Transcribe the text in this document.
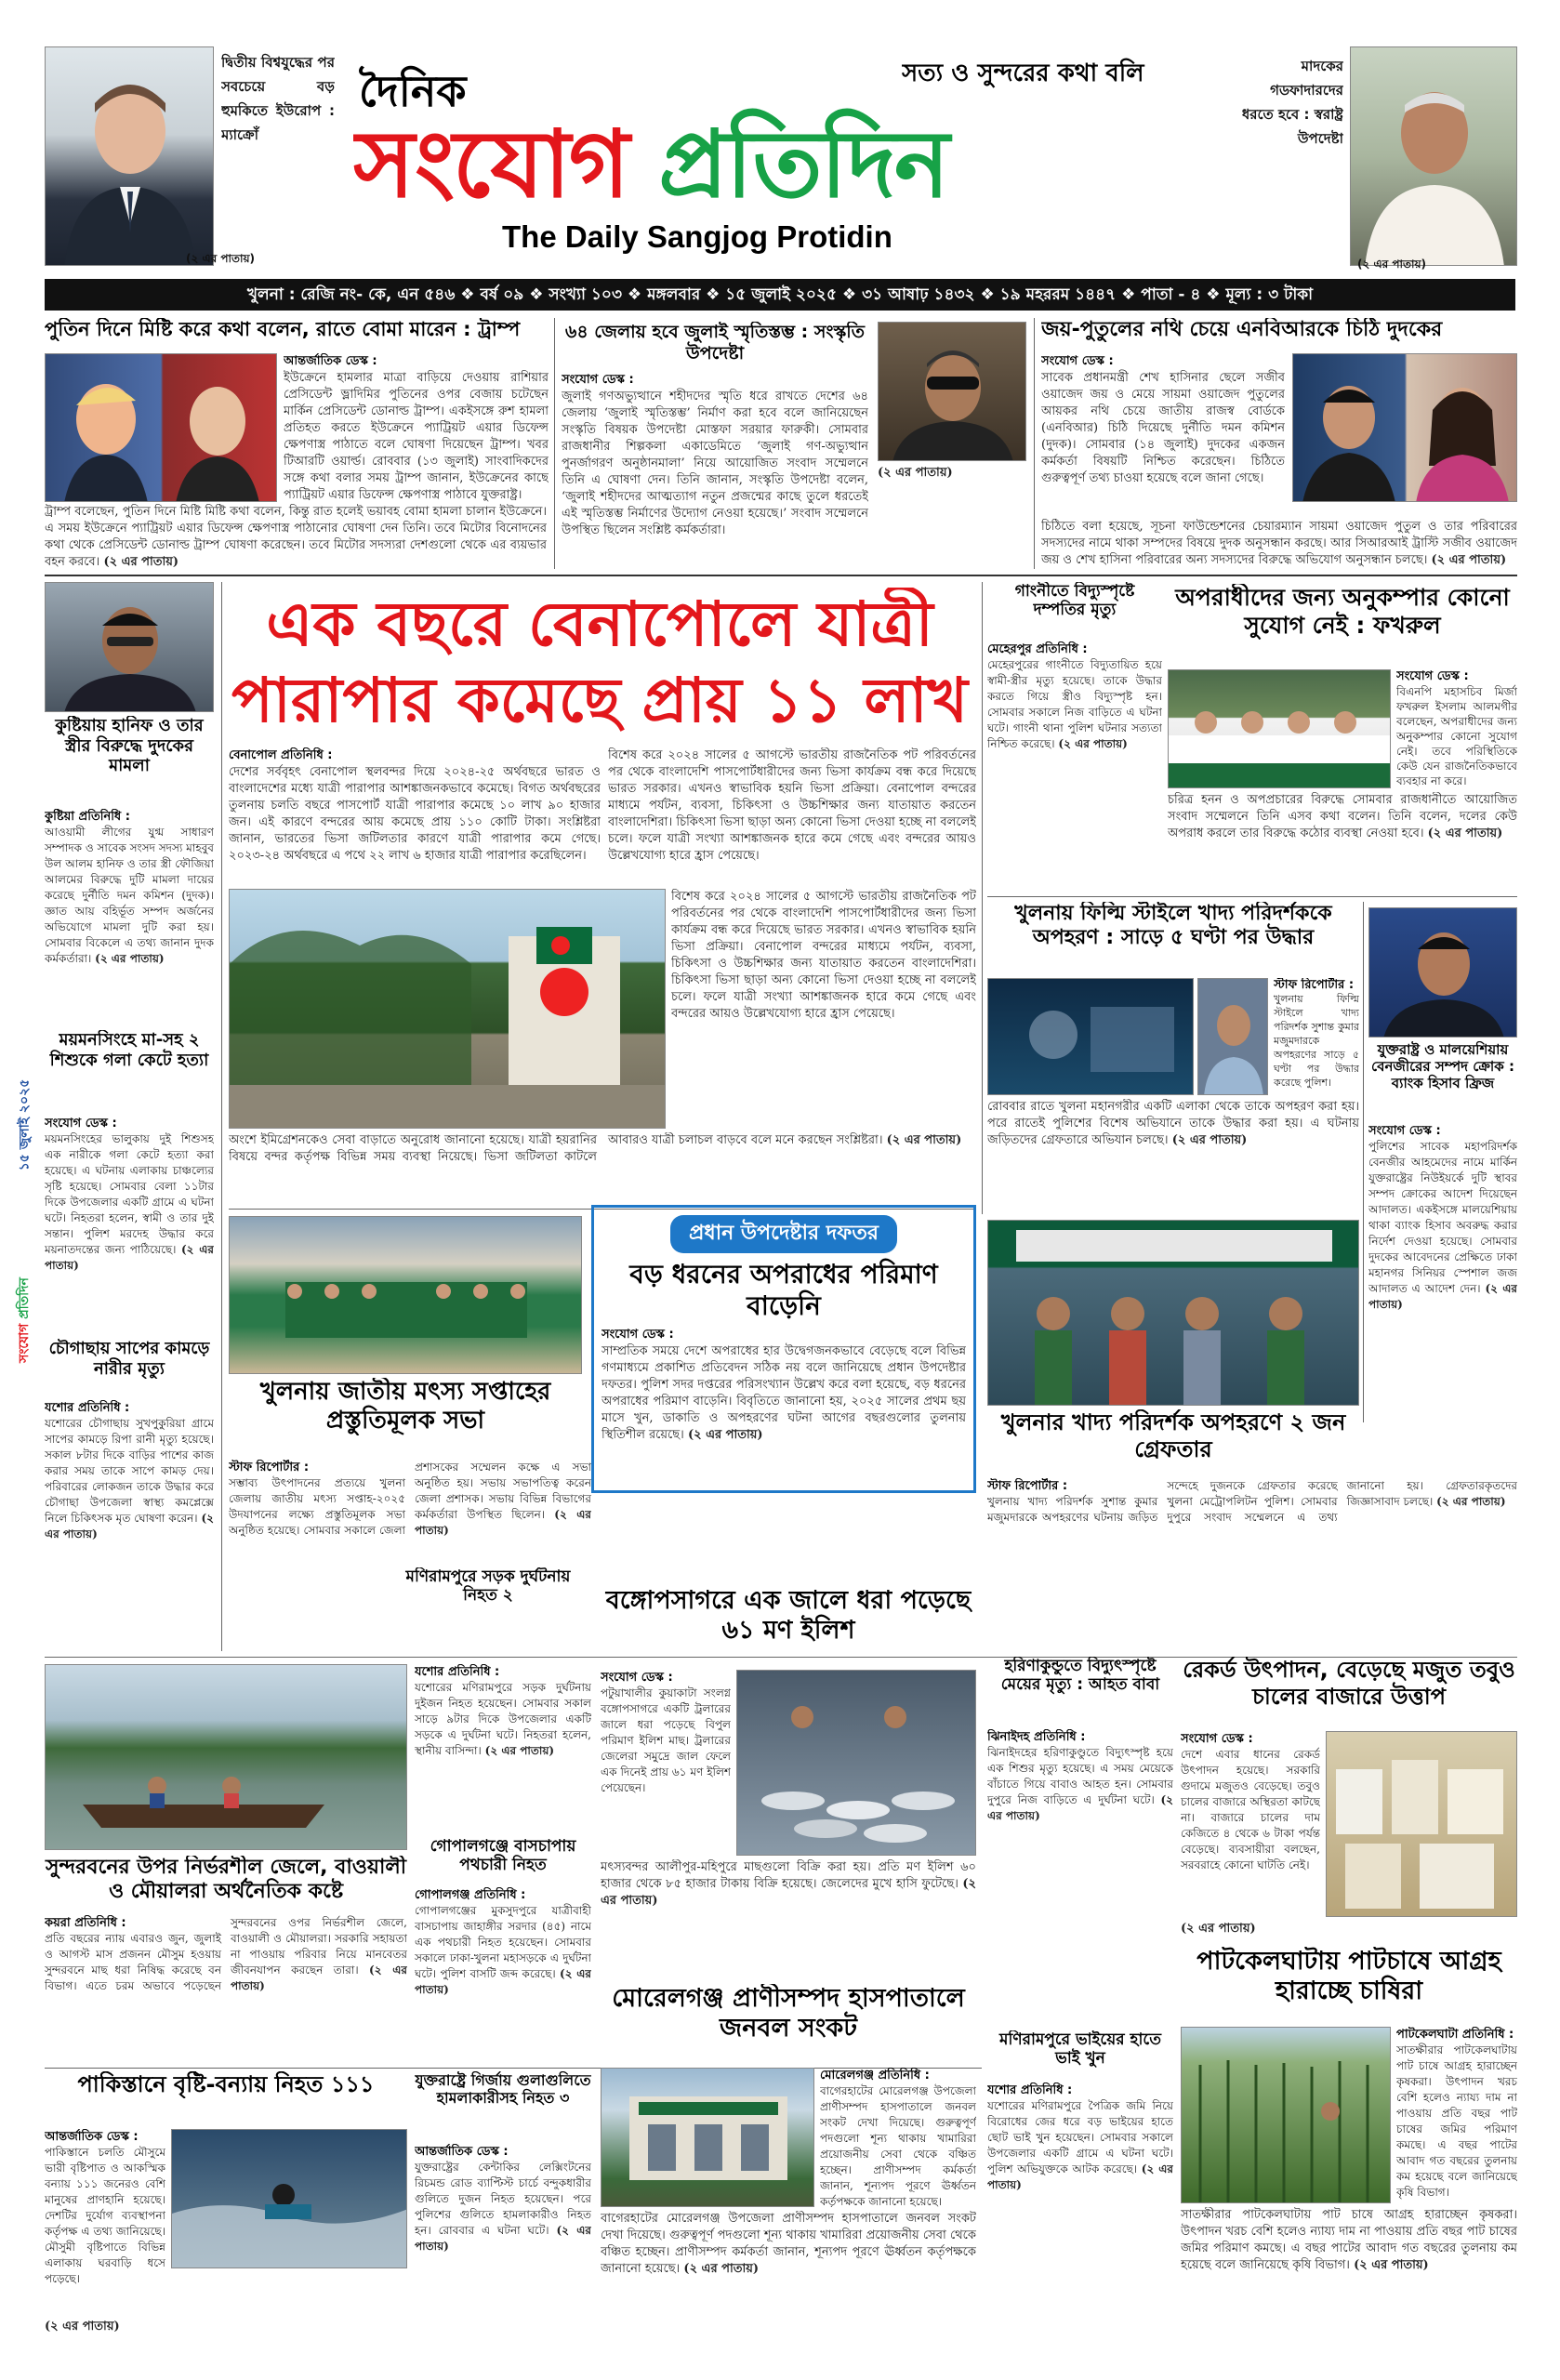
দ্বিতীয় বিশ্বযুদ্ধের পর সবচেয়ে বড় হুমকিতে ইউরোপ : ম্যাক্রোঁ
(২ এর পাতায়)
দৈনিক	সত্য ও সুন্দরের কথা বলি
সংযোগ প্রতিদিন
The Daily Sangjog Protidin
মাদকের গডফাদারদের ধরতে হবে : স্বরাষ্ট্র উপদেষ্টা
(২ এর পাতায়)
খুলনা : রেজি নং- কে, এন ৫৪৬ ❖ বর্ষ ০৯ ❖ সংখ্যা ১০৩ ❖ মঙ্গলবার ❖ ১৫ জুলাই ২০২৫ ❖ ৩১ আষাঢ় ১৪৩২ ❖ ১৯ মহররম ১৪৪৭ ❖ পাতা - ৪ ❖ মূল্য : ৩ টাকা
পুতিন দিনে মিষ্টি করে কথা বলেন, রাতে বোমা মারেন : ট্রাম্প
আন্তর্জাতিক ডেস্ক :
ইউক্রেনে হামলার মাত্রা বাড়িয়ে দেওয়ায় রাশিয়ার প্রেসিডেন্ট ভ্লাদিমির পুতিনের ওপর বেজায় চটেছেন মার্কিন প্রেসিডেন্ট ডোনাল্ড ট্রাম্প। একইসঙ্গে রুশ হামলা প্রতিহত করতে ইউক্রেনে প্যাট্রিয়ট এয়ার ডিফেন্স ক্ষেপণাস্ত্র পাঠাতে বলে ঘোষণা দিয়েছেন ট্রাম্প। খবর টিআরটি ওয়ার্ল্ড। রোববার (১৩ জুলাই) সাংবাদিকদের সঙ্গে কথা বলার সময় ট্রাম্প জানান, ইউক্রেনের কাছে প্যাট্রিয়ট এয়ার ডিফেন্স ক্ষেপণাস্ত্র পাঠাবে যুক্তরাষ্ট্র।
ট্রাম্প বলেছেন, পুতিন দিনে মিষ্টি মিষ্টি কথা বলেন, কিন্তু রাত হলেই ভয়াবহ বোমা হামলা চালান ইউক্রেনে। এ সময় ইউক্রেনে প্যাট্রিয়ট এয়ার ডিফেন্স ক্ষেপণাস্ত্র পাঠানোর ঘোষণা দেন তিনি। তবে মিটোর বিনোদনের কথা থেকে প্রেসিডেন্ট ডোনাল্ড ট্রাম্প ঘোষণা করেছেন। তবে মিটোর সদস্যরা দেশগুলো থেকে এর ব্যয়ভার বহন করবে। (২ এর পাতায়)
৬৪ জেলায় হবে জুলাই স্মৃতিস্তম্ভ : সংস্কৃতি উপদেষ্টা
সংযোগ ডেস্ক :
জুলাই গণঅভ্যুত্থানে শহীদদের স্মৃতি ধরে রাখতে দেশের ৬৪ জেলায় ‘জুলাই স্মৃতিস্তম্ভ’ নির্মাণ করা হবে বলে জানিয়েছেন সংস্কৃতি বিষয়ক উপদেষ্টা মোস্তফা সরয়ার ফারুকী। সোমবার রাজধানীর শিল্পকলা একাডেমিতে ‘জুলাই গণ-অভ্যুত্থান পুনর্জাগরণ অনুষ্ঠানমালা’ নিয়ে আয়োজিত সংবাদ সম্মেলনে তিনি এ ঘোষণা দেন। তিনি জানান, সংস্কৃতি উপদেষ্টা বলেন, ‘জুলাই শহীদদের আত্মত্যাগ নতুন প্রজন্মের কাছে তুলে ধরতেই এই স্মৃতিস্তম্ভ নির্মাণের উদ্যোগ নেওয়া হয়েছে।’ সংবাদ সম্মেলনে উপস্থিত ছিলেন সংশ্লিষ্ট কর্মকর্তারা।
(২ এর পাতায়)
জয়-পুতুলের নথি চেয়ে এনবিআরকে চিঠি দুদকের
সংযোগ ডেস্ক :
সাবেক প্রধানমন্ত্রী শেখ হাসিনার ছেলে সজীব ওয়াজেদ জয় ও মেয়ে সায়মা ওয়াজেদ পুতুলের আয়কর নথি চেয়ে জাতীয় রাজস্ব বোর্ডকে (এনবিআর) চিঠি দিয়েছে দুর্নীতি দমন কমিশন (দুদক)। সোমবার (১৪ জুলাই) দুদকের একজন কর্মকর্তা বিষয়টি নিশ্চিত করেছেন। চিঠিতে গুরুত্বপূর্ণ তথ্য চাওয়া হয়েছে বলে জানা গেছে।
চিঠিতে বলা হয়েছে, সূচনা ফাউন্ডেশনের চেয়ারম্যান সায়মা ওয়াজেদ পুতুল ও তার পরিবারের সদস্যদের নামে থাকা সম্পদের বিষয়ে দুদক অনুসন্ধান করছে। আর সিআরআই ট্রাস্টি সজীব ওয়াজেদ জয় ও শেখ হাসিনা পরিবারের অন্য সদস্যদের বিরুদ্ধে অভিযোগ অনুসন্ধান চলছে। (২ এর পাতায়)
কুষ্টিয়ায় হানিফ ও তার স্ত্রীর বিরুদ্ধে দুদকের মামলা
কুষ্টিয়া প্রতিনিধি :
আওয়ামী লীগের যুগ্ম সাধারণ সম্পাদক ও সাবেক সংসদ সদস্য মাহবুব উল আলম হানিফ ও তার স্ত্রী ফৌজিয়া আলমের বিরুদ্ধে দুটি মামলা দায়ের করেছে দুর্নীতি দমন কমিশন (দুদক)। জ্ঞাত আয় বহির্ভূত সম্পদ অর্জনের অভিযোগে মামলা দুটি করা হয়। সোমবার বিকেলে এ তথ্য জানান দুদক কর্মকর্তারা। (২ এর পাতায়)
১৫ জুলাই ২০২৫
সংযোগ প্রতিদিন
ময়মনসিংহে মা-সহ ২ শিশুকে গলা কেটে হত্যা
সংযোগ ডেস্ক :
ময়মনসিংহের ভালুকায় দুই শিশুসহ এক নারীকে গলা কেটে হত্যা করা হয়েছে। এ ঘটনায় এলাকায় চাঞ্চল্যের সৃষ্টি হয়েছে। সোমবার বেলা ১১টার দিকে উপজেলার একটি গ্রামে এ ঘটনা ঘটে। নিহতরা হলেন, স্বামী ও তার দুই সন্তান। পুলিশ মরদেহ উদ্ধার করে ময়নাতদন্তের জন্য পাঠিয়েছে। (২ এর পাতায়)
চৌগাছায় সাপের কামড়ে নারীর মৃত্যু
যশোর প্রতিনিধি :
যশোরের চৌগাছায় সুখপুকুরিয়া গ্রামে সাপের কামড়ে রিপা রানী মৃত্যু হয়েছে। সকাল ৮টার দিকে বাড়ির পাশের কাজ করার সময় তাকে সাপে কামড় দেয়। পরিবারের লোকজন তাকে উদ্ধার করে চৌগাছা উপজেলা স্বাস্থ্য কমপ্লেক্সে নিলে চিকিৎসক মৃত ঘোষণা করেন। (২ এর পাতায়)
এক বছরে বেনাপোলে যাত্রী
পারাপার কমেছে প্রায় ১১ লাখ
বেনাপোল প্রতিনিধি :
দেশের সর্ববৃহৎ বেনাপোল স্থলবন্দর দিয়ে ২০২৪-২৫ অর্থবছরে ভারত ও বাংলাদেশের মধ্যে যাত্রী পারাপার আশঙ্কাজনকভাবে কমেছে। বিগত অর্থবছরের তুলনায় চলতি বছরে পাসপোর্ট যাত্রী পারাপার কমেছে ১০ লাখ ৯০ হাজার জন। এই কারণে বন্দরের আয় কমেছে প্রায় ১১০ কোটি টাকা। সংশ্লিষ্টরা জানান, ভারতের ভিসা জটিলতার কারণে যাত্রী পারাপার কমে গেছে। ২০২৩-২৪ অর্থবছরে এ পথে ২২ লাখ ৬ হাজার যাত্রী পারাপার করেছিলেন।
বিশেষ করে ২০২৪ সালের ৫ আগস্টে ভারতীয় রাজনৈতিক পট পরিবর্তনের পর থেকে বাংলাদেশি পাসপোর্টধারীদের জন্য ভিসা কার্যক্রম বন্ধ করে দিয়েছে ভারত সরকার। এখনও স্বাভাবিক হয়নি ভিসা প্রক্রিয়া। বেনাপোল বন্দরের মাধ্যমে পর্যটন, ব্যবসা, চিকিৎসা ও উচ্চশিক্ষার জন্য যাতায়াত করতেন বাংলাদেশিরা। চিকিৎসা ভিসা ছাড়া অন্য কোনো ভিসা দেওয়া হচ্ছে না বললেই চলে। ফলে যাত্রী সংখ্যা আশঙ্কাজনক হারে কমে গেছে এবং বন্দরের আয়ও উল্লেখযোগ্য হারে হ্রাস পেয়েছে।
বিশেষ করে ২০২৪ সালের ৫ আগস্টে ভারতীয় রাজনৈতিক পট পরিবর্তনের পর থেকে বাংলাদেশি পাসপোর্টধারীদের জন্য ভিসা কার্যক্রম বন্ধ করে দিয়েছে ভারত সরকার। এখনও স্বাভাবিক হয়নি ভিসা প্রক্রিয়া। বেনাপোল বন্দরের মাধ্যমে পর্যটন, ব্যবসা, চিকিৎসা ও উচ্চশিক্ষার জন্য যাতায়াত করতেন বাংলাদেশিরা। চিকিৎসা ভিসা ছাড়া অন্য কোনো ভিসা দেওয়া হচ্ছে না বললেই চলে। ফলে যাত্রী সংখ্যা আশঙ্কাজনক হারে কমে গেছে এবং বন্দরের আয়ও উল্লেখযোগ্য হারে হ্রাস পেয়েছে।
অংশে ইমিগ্রেশনকেও সেবা বাড়াতে অনুরোধ জানানো হয়েছে। যাত্রী হয়রানির বিষয়ে বন্দর কর্তৃপক্ষ বিভিন্ন সময় ব্যবস্থা নিয়েছে। ভিসা জটিলতা কাটলে আবারও যাত্রী চলাচল বাড়বে বলে মনে করছেন সংশ্লিষ্টরা। (২ এর পাতায়)
গাংনীতে বিদ্যুস্পৃষ্টে দম্পতির মৃত্যু
মেহেরপুর প্রতিনিধি :
মেহেরপুরের গাংনীতে বিদ্যুতায়িত হয়ে স্বামী-স্ত্রীর মৃত্যু হয়েছে। তাকে উদ্ধার করতে গিয়ে স্ত্রীও বিদ্যুস্পৃষ্ট হন। সোমবার সকালে নিজ বাড়িতে এ ঘটনা ঘটে। গাংনী থানা পুলিশ ঘটনার সত্যতা নিশ্চিত করেছে। (২ এর পাতায়)
অপরাধীদের জন্য অনুকম্পার কোনো সুযোগ নেই : ফখরুল
সংযোগ ডেস্ক :
বিএনপি মহাসচিব মির্জা ফখরুল ইসলাম আলমগীর বলেছেন, অপরাধীদের জন্য অনুকম্পার কোনো সুযোগ নেই। তবে পরিস্থিতিকে কেউ যেন রাজনৈতিকভাবে ব্যবহার না করে।
চরিত্র হনন ও অপপ্রচারের বিরুদ্ধে সোমবার রাজধানীতে আয়োজিত সংবাদ সম্মেলনে তিনি এসব কথা বলেন। তিনি বলেন, দলের কেউ অপরাধ করলে তার বিরুদ্ধে কঠোর ব্যবস্থা নেওয়া হবে। (২ এর পাতায়)
খুলনায় ফিল্মি স্টাইলে খাদ্য পরিদর্শককে অপহরণ : সাড়ে ৫ ঘণ্টা পর উদ্ধার
স্টাফ রিপোর্টার :
খুলনায় ফিল্মি স্টাইলে খাদ্য পরিদর্শক সুশান্ত কুমার মজুমদারকে অপহরণের সাড়ে ৫ ঘণ্টা পর উদ্ধার করেছে পুলিশ।
রোববার রাতে খুলনা মহানগরীর একটি এলাকা থেকে তাকে অপহরণ করা হয়। পরে রাতেই পুলিশের বিশেষ অভিযানে তাকে উদ্ধার করা হয়। এ ঘটনায় জড়িতদের গ্রেফতারে অভিযান চলছে। (২ এর পাতায়)
যুক্তরাষ্ট্র ও মালয়েশিয়ায় বেনজীরের সম্পদ ক্রোক : ব্যাংক হিসাব ফ্রিজ
সংযোগ ডেস্ক :
পুলিশের সাবেক মহাপরিদর্শক বেনজীর আহমেদের নামে মার্কিন যুক্তরাষ্ট্রের নিউইয়র্কে দুটি স্থাবর সম্পদ ক্রোকের আদেশ দিয়েছেন আদালত। একইসঙ্গে মালয়েশিয়ায় থাকা ব্যাংক হিসাব অবরুদ্ধ করার নির্দেশ দেওয়া হয়েছে। সোমবার দুদকের আবেদনের প্রেক্ষিতে ঢাকা মহানগর সিনিয়র স্পেশাল জজ আদালত এ আদেশ দেন। (২ এর পাতায়)
খুলনায় জাতীয় মৎস্য সপ্তাহের প্রস্তুতিমূলক সভা
স্টাফ রিপোর্টার :
সম্ভাব্য উৎপাদনের প্রত্যয়ে খুলনা জেলায় জাতীয় মৎস্য সপ্তাহ-২০২৫ উদযাপনের লক্ষ্যে প্রস্তুতিমূলক সভা অনুষ্ঠিত হয়েছে। সোমবার সকালে জেলা প্রশাসকের সম্মেলন কক্ষে এ সভা অনুষ্ঠিত হয়। সভায় সভাপতিত্ব করেন জেলা প্রশাসক। সভায় বিভিন্ন বিভাগের কর্মকর্তারা উপস্থিত ছিলেন। (২ এর পাতায়)
প্রধান উপদেষ্টার দফতর
বড় ধরনের অপরাধের পরিমাণ বাড়েনি
সংযোগ ডেস্ক :
সাম্প্রতিক সময়ে দেশে অপরাধের হার উদ্বেগজনকভাবে বেড়েছে বলে বিভিন্ন গণমাধ্যমে প্রকাশিত প্রতিবেদন সঠিক নয় বলে জানিয়েছে প্রধান উপদেষ্টার দফতর। পুলিশ সদর দপ্তরের পরিসংখ্যান উল্লেখ করে বলা হয়েছে, বড় ধরনের অপরাধের পরিমাণ বাড়েনি। বিবৃতিতে জানানো হয়, ২০২৫ সালের প্রথম ছয় মাসে খুন, ডাকাতি ও অপহরণের ঘটনা আগের বছরগুলোর তুলনায় স্থিতিশীল রয়েছে। (২ এর পাতায়)	খুলনার খাদ্য পরিদর্শক অপহরণে ২ জন গ্রেফতার
স্টাফ রিপোর্টার :
খুলনায় খাদ্য পরিদর্শক সুশান্ত কুমার মজুমদারকে অপহরণের ঘটনায় জড়িত সন্দেহে দুজনকে গ্রেফতার করেছে খুলনা মেট্রোপলিটন পুলিশ। সোমবার দুপুরে সংবাদ সম্মেলনে এ তথ্য জানানো হয়। গ্রেফতারকৃতদের জিজ্ঞাসাবাদ চলছে। (২ এর পাতায়)
মণিরামপুরে সড়ক দুর্ঘটনায় নিহত ২
সুন্দরবনের উপর নির্ভরশীল জেলে, বাওয়ালী ও মৌয়ালরা অর্থনৈতিক কষ্টে
কয়রা প্রতিনিধি :
প্রতি বছরের ন্যায় এবারও জুন, জুলাই ও আগস্ট মাস প্রজনন মৌসুম হওয়ায় সুন্দরবনে মাছ ধরা নিষিদ্ধ করেছে বন বিভাগ। এতে চরম অভাবে পড়েছেন সুন্দরবনের ওপর নির্ভরশীল জেলে, বাওয়ালী ও মৌয়ালরা। সরকারি সহায়তা না পাওয়ায় পরিবার নিয়ে মানবেতর জীবনযাপন করছেন তারা। (২ এর পাতায়)
যশোর প্রতিনিধি :
যশোরের মণিরামপুরে সড়ক দুর্ঘটনায় দুইজন নিহত হয়েছেন। সোমবার সকাল সাড়ে ৯টার দিকে উপজেলার একটি সড়কে এ দুর্ঘটনা ঘটে। নিহতরা হলেন, স্থানীয় বাসিন্দা। (২ এর পাতায়)
গোপালগঞ্জে বাসচাপায় পথচারী নিহত
গোপালগঞ্জ প্রতিনিধি :
গোপালগঞ্জের মুকসুদপুরে যাত্রীবাহী বাসচাপায় জাহাঙ্গীর সরদার (৪৫) নামে এক পথচারী নিহত হয়েছেন। সোমবার সকালে ঢাকা-খুলনা মহাসড়কে এ দুর্ঘটনা ঘটে। পুলিশ বাসটি জব্দ করেছে। (২ এর পাতায়)
বঙ্গোপসাগরে এক জালে ধরা পড়েছে ৬১ মণ ইলিশ
সংযোগ ডেস্ক :
পটুয়াখালীর কুয়াকাটা সংলগ্ন বঙ্গোপসাগরে একটি ট্রলারের জালে ধরা পড়েছে বিপুল পরিমাণ ইলিশ মাছ। ট্রলারের জেলেরা সমুদ্রে জাল ফেলে এক দিনেই প্রায় ৬১ মণ ইলিশ পেয়েছেন।
মৎস্যবন্দর আলীপুর-মহিপুরে মাছগুলো বিক্রি করা হয়। প্রতি মণ ইলিশ ৬০ হাজার থেকে ৮৫ হাজার টাকায় বিক্রি হয়েছে। জেলেদের মুখে হাসি ফুটেছে। (২ এর পাতায়)
হরিণাকুন্ডুতে বিদ্যুৎস্পৃষ্টে মেয়ের মৃত্যু : আহত বাবা
ঝিনাইদহ প্রতিনিধি :
ঝিনাইদহের হরিণাকুণ্ডুতে বিদ্যুৎস্পৃষ্ট হয়ে এক শিশুর মৃত্যু হয়েছে। এ সময় মেয়েকে বাঁচাতে গিয়ে বাবাও আহত হন। সোমবার দুপুরে নিজ বাড়িতে এ দুর্ঘটনা ঘটে। (২ এর পাতায়)
রেকর্ড উৎপাদন, বেড়েছে মজুত তবুও চালের বাজারে উত্তাপ
সংযোগ ডেস্ক :
দেশে এবার ধানের রেকর্ড উৎপাদন হয়েছে। সরকারি গুদামে মজুতও বেড়েছে। তবুও চালের বাজারে অস্থিরতা কাটছে না। বাজারে চালের দাম কেজিতে ৪ থেকে ৬ টাকা পর্যন্ত বেড়েছে। ব্যবসায়ীরা বলছেন, সরবরাহে কোনো ঘাটতি নেই।
(২ এর পাতায়)
মণিরামপুরে ভাইয়ের হাতে ভাই খুন
যশোর প্রতিনিধি :
যশোরের মণিরামপুরে পৈত্রিক জমি নিয়ে বিরোধের জের ধরে বড় ভাইয়ের হাতে ছোট ভাই খুন হয়েছেন। সোমবার সকালে উপজেলার একটি গ্রামে এ ঘটনা ঘটে। পুলিশ অভিযুক্তকে আটক করেছে। (২ এর পাতায়)
পাটকেলঘাটায় পাটচাষে আগ্রহ হারাচ্ছে চাষিরা
পাটকেলঘাটা প্রতিনিধি :
সাতক্ষীরার পাটকেলঘাটায় পাট চাষে আগ্রহ হারাচ্ছেন কৃষকরা। উৎপাদন খরচ বেশি হলেও ন্যায্য দাম না পাওয়ায় প্রতি বছর পাট চাষের জমির পরিমাণ কমছে। এ বছর পাটের আবাদ গত বছরের তুলনায় কম হয়েছে বলে জানিয়েছে কৃষি বিভাগ।
সাতক্ষীরার পাটকেলঘাটায় পাট চাষে আগ্রহ হারাচ্ছেন কৃষকরা। উৎপাদন খরচ বেশি হলেও ন্যায্য দাম না পাওয়ায় প্রতি বছর পাট চাষের জমির পরিমাণ কমছে। এ বছর পাটের আবাদ গত বছরের তুলনায় কম হয়েছে বলে জানিয়েছে কৃষি বিভাগ। (২ এর পাতায়)
পাকিস্তানে বৃষ্টি-বন্যায় নিহত ১১১
আন্তর্জাতিক ডেস্ক :
পাকিস্তানে চলতি মৌসুমে ভারী বৃষ্টিপাত ও আকস্মিক বন্যায় ১১১ জনেরও বেশি মানুষের প্রাণহানি হয়েছে। দেশটির দুর্যোগ ব্যবস্থাপনা কর্তৃপক্ষ এ তথ্য জানিয়েছে। মৌসুমী বৃষ্টিপাতে বিভিন্ন এলাকায় ঘরবাড়ি ধসে পড়েছে।
(২ এর পাতায়)
যুক্তরাষ্ট্রে গির্জায় গুলাগুলিতে হামলাকারীসহ নিহত ৩
আন্তর্জাতিক ডেস্ক :
যুক্তরাষ্ট্রের কেন্টাকির লেক্সিংটনের রিচমন্ড রোড ব্যাপ্টিস্ট চার্চে বন্দুকধারীর গুলিতে দুজন নিহত হয়েছেন। পরে পুলিশের গুলিতে হামলাকারীও নিহত হন। রোববার এ ঘটনা ঘটে। (২ এর পাতায়)
মোরেলগঞ্জ প্রাণীসম্পদ হাসপাতালে জনবল সংকট
মোরেলগঞ্জ প্রতিনিধি :
বাগেরহাটের মোরেলগঞ্জ উপজেলা প্রাণীসম্পদ হাসপাতালে জনবল সংকট দেখা দিয়েছে। গুরুত্বপূর্ণ পদগুলো শূন্য থাকায় খামারিরা প্রয়োজনীয় সেবা থেকে বঞ্চিত হচ্ছেন। প্রাণীসম্পদ কর্মকর্তা জানান, শূন্যপদ পূরণে ঊর্ধ্বতন কর্তৃপক্ষকে জানানো হয়েছে।
বাগেরহাটের মোরেলগঞ্জ উপজেলা প্রাণীসম্পদ হাসপাতালে জনবল সংকট দেখা দিয়েছে। গুরুত্বপূর্ণ পদগুলো শূন্য থাকায় খামারিরা প্রয়োজনীয় সেবা থেকে বঞ্চিত হচ্ছেন। প্রাণীসম্পদ কর্মকর্তা জানান, শূন্যপদ পূরণে ঊর্ধ্বতন কর্তৃপক্ষকে জানানো হয়েছে। (২ এর পাতায়)
